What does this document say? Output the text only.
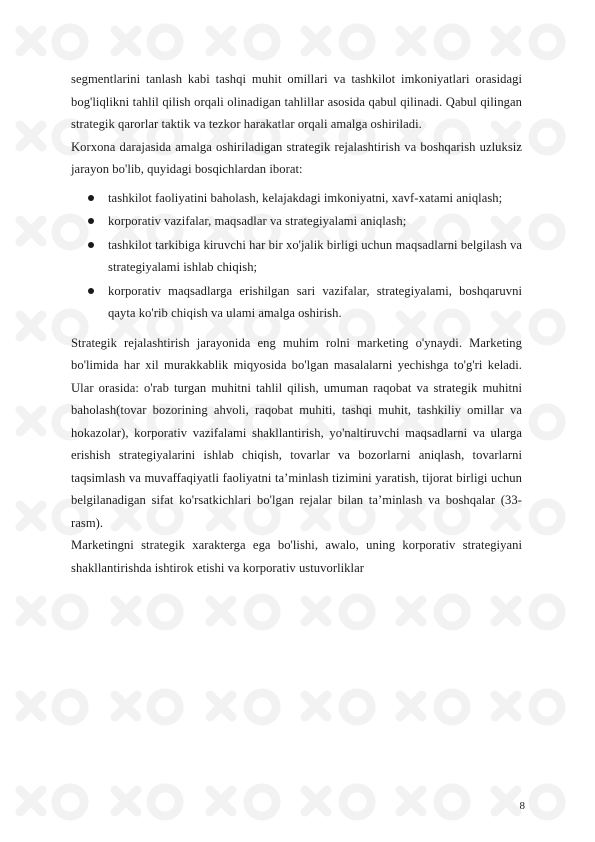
segmentlarini tanlash kabi tashqi muhit omillari va tashkilot imkoniyatlari orasidagi bog'liqlikni tahlil qilish orqali olinadigan tahlillar asosida qabul qilinadi. Qabul qilingan strategik qarorlar taktik va tezkor harakatlar orqali amalga oshiriladi.

Korxona darajasida amalga oshiriladigan strategik rejalashtirish va boshqarish uzluksiz jarayon bo'lib, quyidagi bosqichlardan iborat:

tashkilot faoliyatini baholash, kelajakdagi imkoniyatni, xavf-xatami aniqlash;
korporativ vazifalar, maqsadlar va strategiyalami aniqlash;
tashkilot tarkibiga kiruvchi har bir xo'jalik birligi uchun maqsadlarni belgilash va strategiyalami ishlab chiqish;
korporativ maqsadlarga erishilgan sari vazifalar, strategiyalami, boshqaruvni qayta ko'rib chiqish va ulami amalga oshirish.

Strategik rejalashtirish jarayonida eng muhim rolni marketing o'ynaydi. Marketing bo'limida har xil murakkablik miqyosida bo'lgan masalalarni yechishga to'g'ri keladi. Ular orasida: o'rab turgan muhitni tahlil qilish, umuman raqobat va strategik muhitni baholash(tovar bozorining ahvoli, raqobat muhiti, tashqi muhit, tashkiliy omillar va hokazolar), korporativ vazifalami shakllantirish, yo'naltiruvchi maqsadlarni va ularga erishish strategiyalarini ishlab chiqish, tovarlar va bozorlarni aniqlash, tovarlarni taqsimlash va muvaffaqiyatli faoliyatni ta’minlash tizimini yaratish, tijorat birligi uchun belgilanadigan sifat ko'rsatkichlari bo'lgan rejalar bilan ta’minlash va boshqalar (33-rasm).

Marketingni strategik xarakterga ega bo'lishi, awalo, uning korporativ strategiyani shakllantirishda ishtirok etishi va korporativ ustuvorliklar

8
